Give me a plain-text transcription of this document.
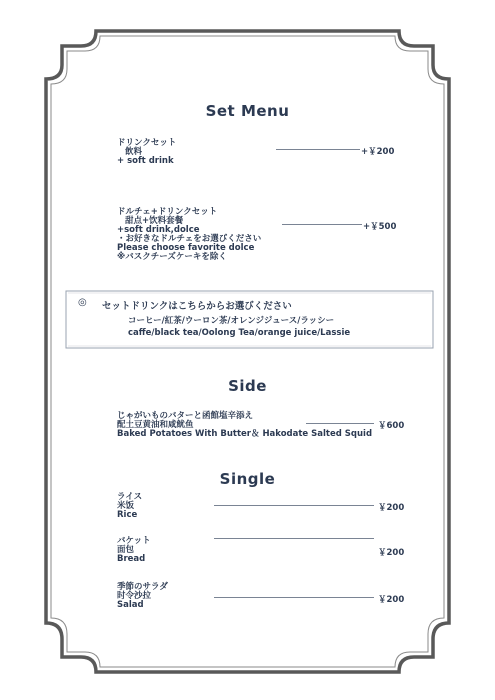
Set Menu
ドリンクセット
飲料
+ soft drink
+￥200
ドルチェ+ドリンクセット
甜点+饮料套餐
+soft drink,dolce
・お好きなドルチェをお選びください
Please choose favorite dolce
※バスクチーズケーキを除く
+￥500
◎ セットドリンクはこちらからお選びください
コーヒー/紅茶/ウーロン茶/オレンジジュース/ラッシー
caffe/black tea/Oolong Tea/orange juice/Lassie
Side
じゃがいものバターと函館塩辛添え
配土豆黄油和咸鱿鱼
Baked Potatoes With Butter＆ Hakodate Salted Squid
￥600
Single
ライス
米饭
Rice
￥200
バケット
面包
Bread
￥200
季節のサラダ
时令沙拉
Salad	￥200
